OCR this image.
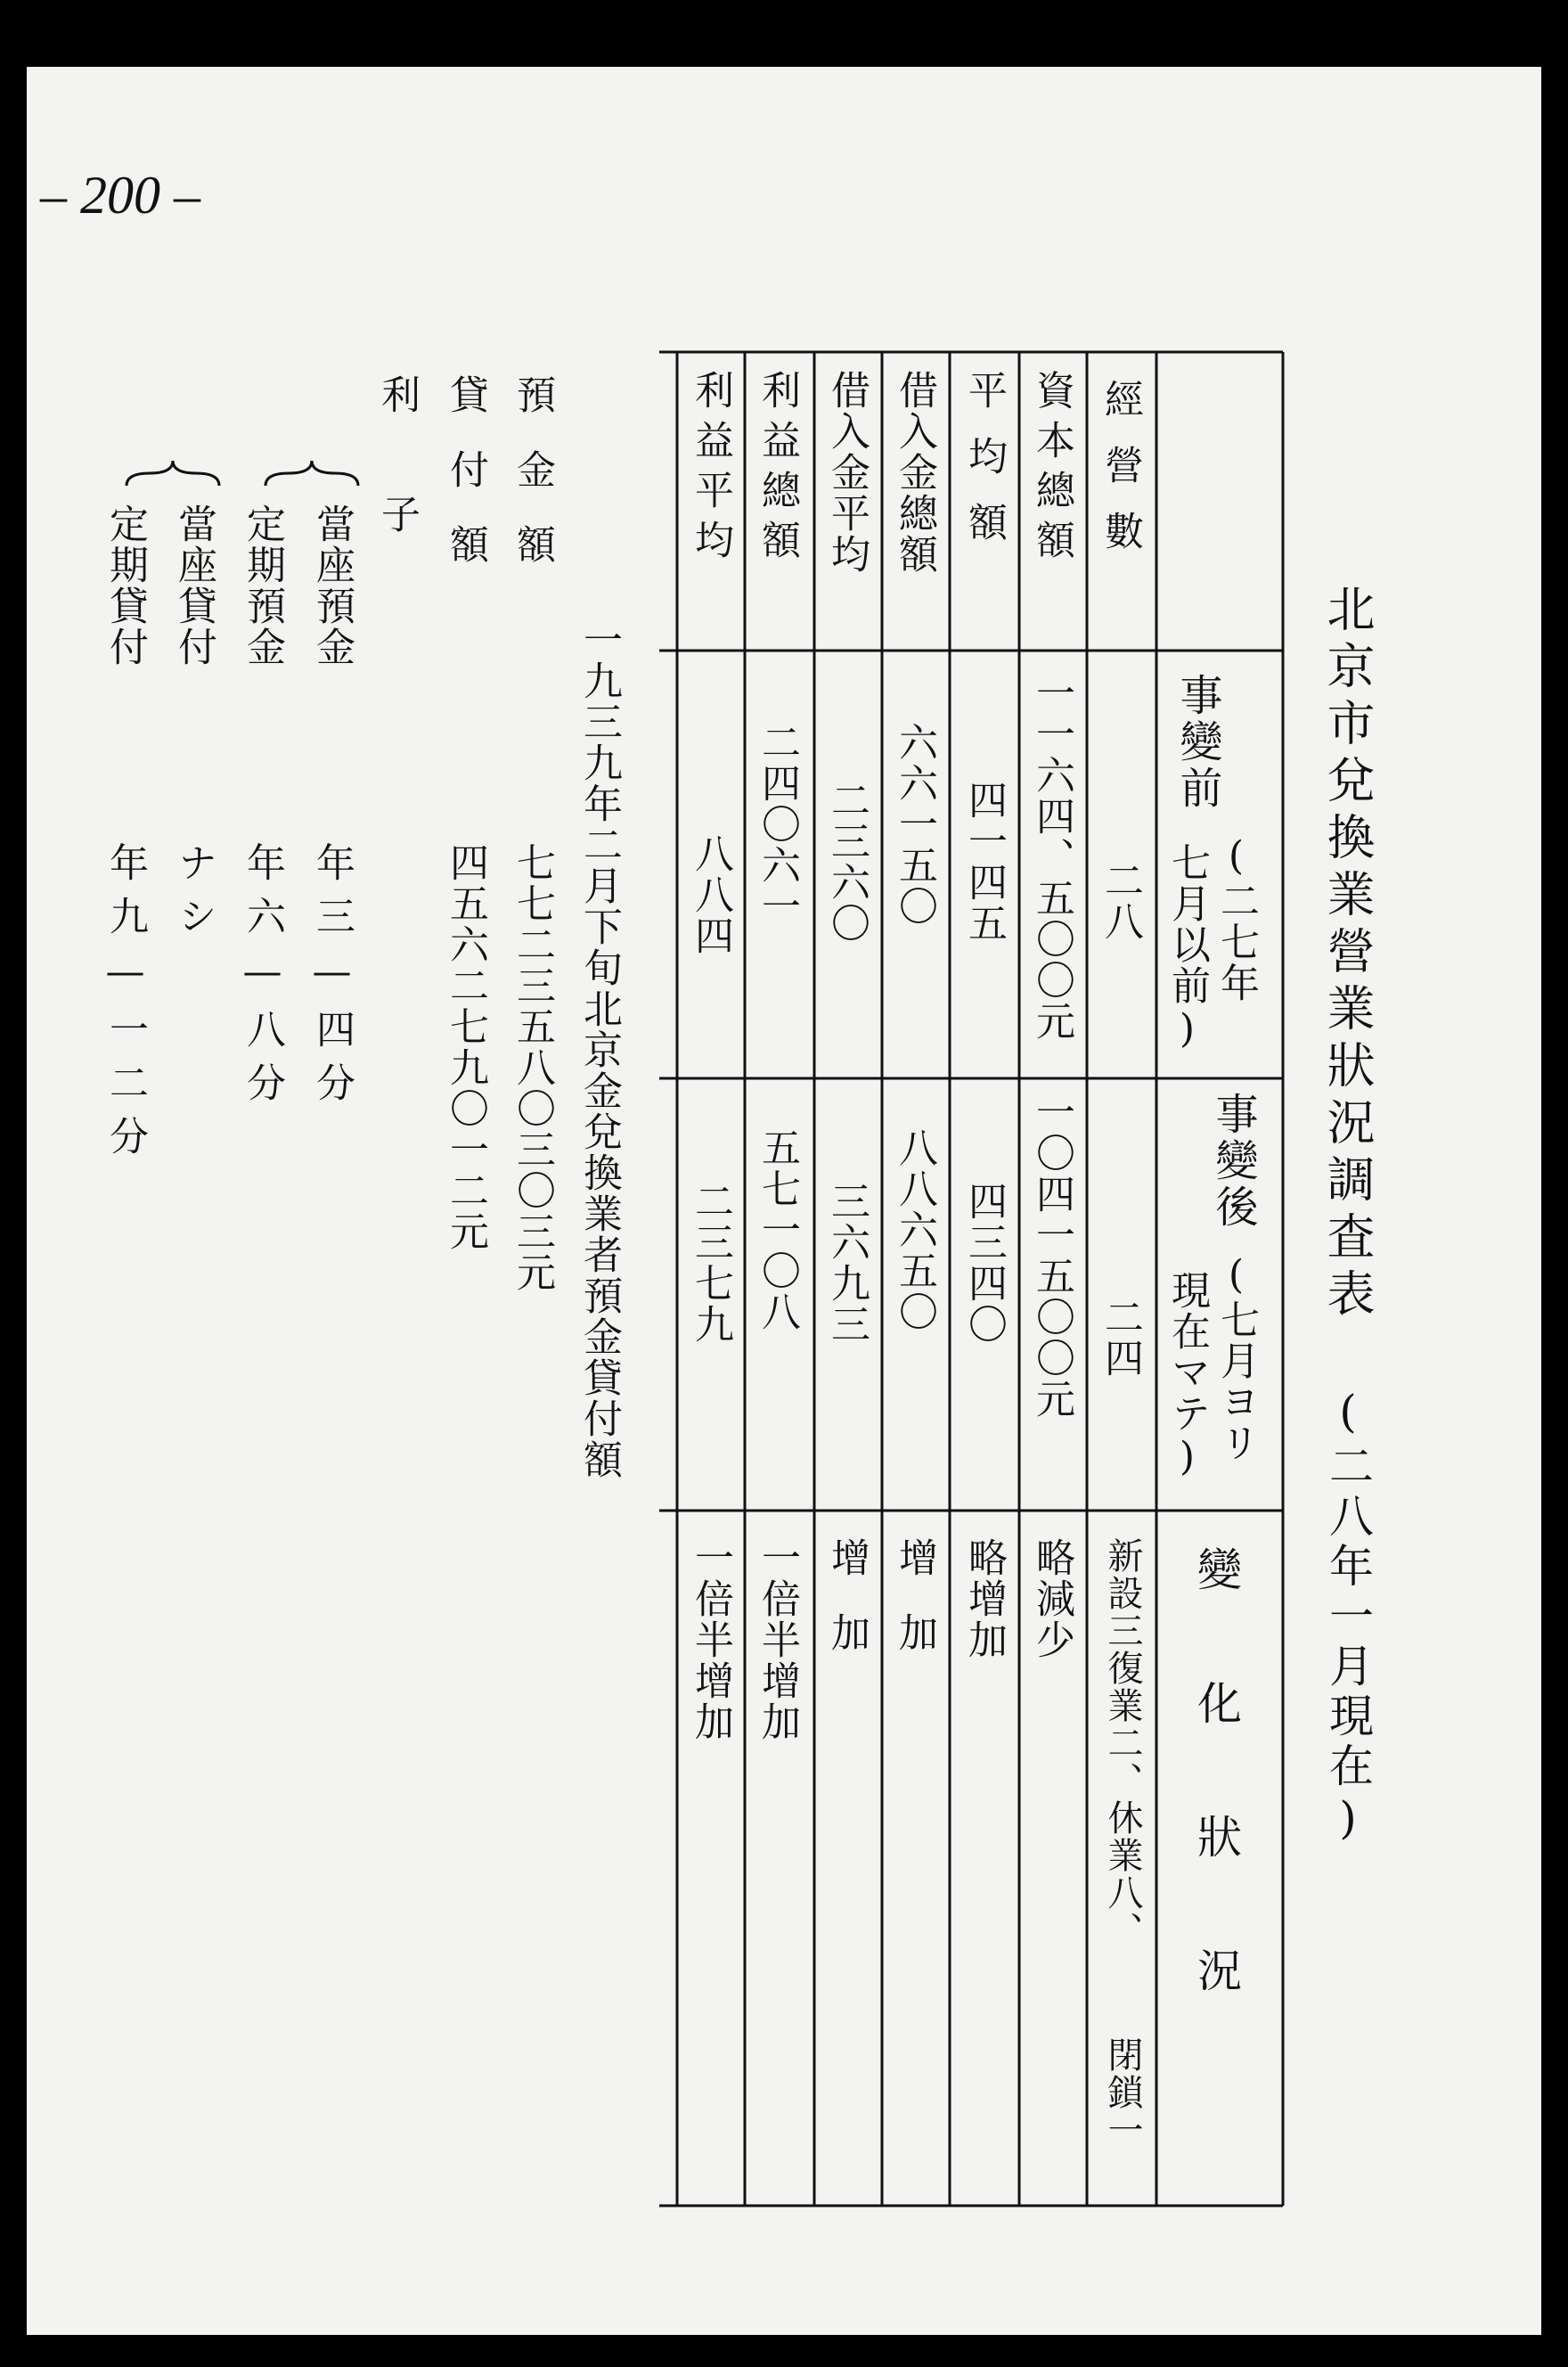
– 200 –
北京市兌換業營業狀況調査表
(二八年一月現在)
事變前
(二七年
七月以前)
事變後
(七月ヨリ
現在マテ)
變化狀況
經營數
二八
二四
新設三復業二、休業八、
閉鎖一
資本總額
一一六四、五〇〇元
一〇四一五〇〇元
略減少
平均額
四一四五
四三四〇
略增加
借入金總額
六六一五〇
八八六五〇
增加
借入金平均
二三六〇
三六九三
增加
利益總額
二四〇六一
五七一〇八
一倍半增加
利益平均
八八四
二三七九
一倍半增加
一九三九年二月下旬北京金兌換業者預金貸付額
預金額
七七二三五八〇三〇三元
貸付額
四五六二七九〇一二元
利子
當座預金
年三—四分
定期預金
年六—八分
當座貸付
ナシ
定期貸付
年九—一二分
